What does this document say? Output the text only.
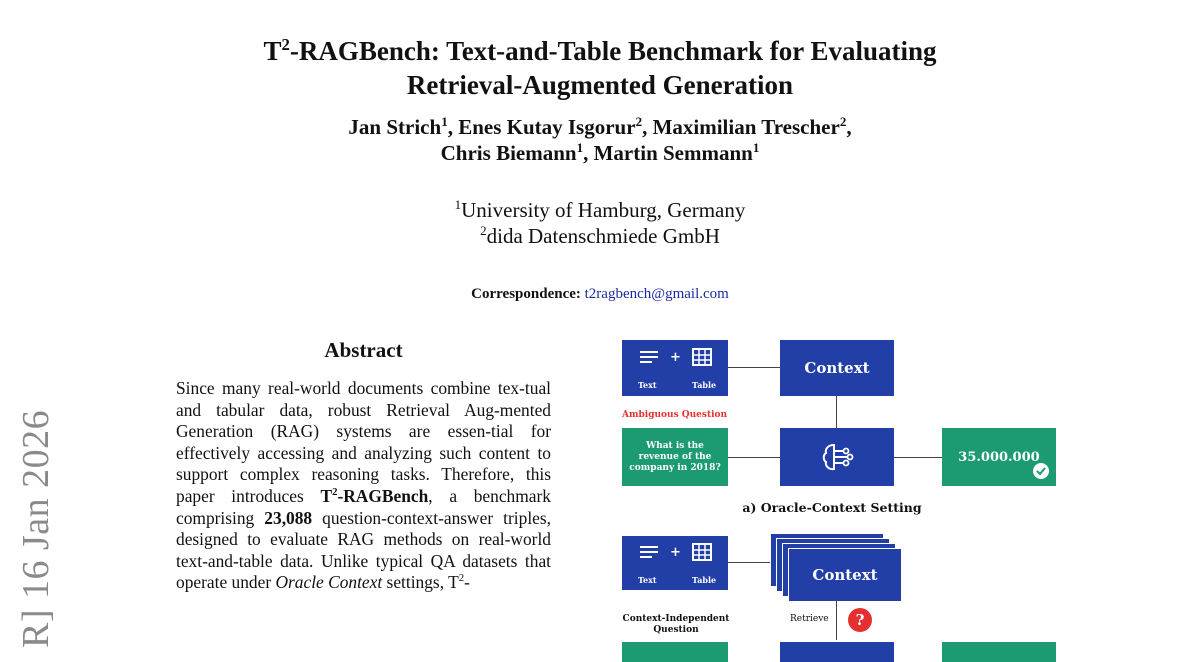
R] 16 Jan 2026
$T^2$-RAGBench: Text-and-Table Benchmark for Evaluating
Retrieval-Augmented Generation
Jan Strich$^1$, Enes Kutay Isgorur$^2$, Maximilian Trescher$^2$,
Chris Biemann$^1$, Martin Semmann$^1$
$^1$University of Hamburg, Germany
$^2$dida Datenschmiede GmbH
Correspondence: t2ragbench@gmail.com
Abstract
Since many real-world documents combine tex-tual and tabular data, robust Retrieval Aug-mented Generation (RAG) systems are essen-tial for effectively accessing and analyzing such content to support complex reasoning tasks. Therefore, this paper introduces $T^2$-RAGBench, a benchmark comprising 23,088 question-context-answer triples, designed to evaluate RAG methods on real-world text-and-table data. Unlike typical QA datasets that operate under Oracle Context settings, $T^2-$
+
Text	Table
Context
Ambiguous Question
What is the revenue of the company in 2018?
35.000.000
a) Oracle-Context Setting
+
Text	Table	Context
Retrieve	?
Context-Independent Question
